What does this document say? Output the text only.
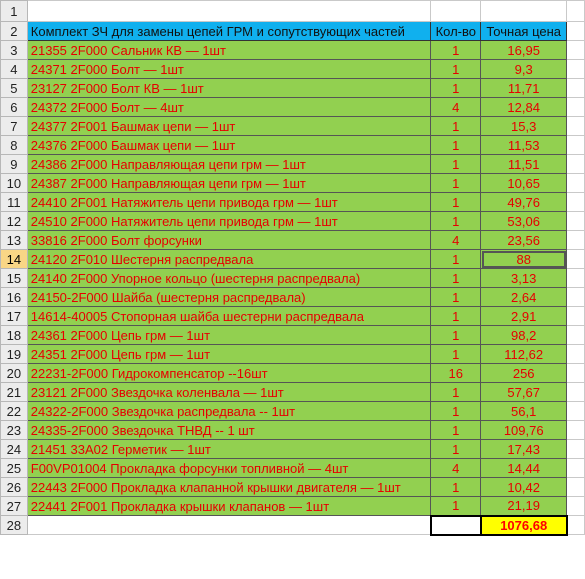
1				
2	Комплект ЗЧ для замены цепей ГРМ и сопутствующих частей	Кол-во	Точная цена	
3	21355 2F000 Сальник КВ — 1шт	1	16,95	
4	24371 2F000 Болт — 1шт	1	9,3	
5	23127 2F000 Болт КВ — 1шт	1	11,71	
6	24372 2F000 Болт — 4шт	4	12,84	
7	24377 2F001 Башмак цепи — 1шт	1	15,3	
8	24376 2F000 Башмак цепи — 1шт	1	11,53	
9	24386 2F000 Направляющая цепи грм — 1шт	1	11,51	
10	24387 2F000 Направляющая цепи грм — 1шт	1	10,65	
11	24410 2F001 Натяжитель цепи привода грм — 1шт	1	49,76	
12	24510 2F000 Натяжитель цепи привода грм — 1шт	1	53,06	
13	33816 2F000 Болт форсунки	4	23,56	
14	24120 2F010 Шестерня распредвала	1	88	
15	24140 2F000 Упорное кольцо (шестерня распредвала)	1	3,13	
16	24150-2F000 Шайба (шестерня распредвала)	1	2,64	
17	14614-40005 Стопорная шайба шестерни распредвала	1	2,91	
18	24361 2F000 Цепь грм — 1шт	1	98,2	
19	24351 2F000 Цепь грм — 1шт	1	112,62	
20	22231-2F000 Гидрокомпенсатор --16шт	16	256	
21	23121 2F000 Звездочка коленвала — 1шт	1	57,67	
22	24322-2F000 Звездочка распредвала -- 1шт	1	56,1	
23	24335-2F000 Звездочка ТНВД -- 1 шт	1	109,76	
24	21451 33A02 Герметик — 1шт	1	17,43	
25	F00VP01004 Прокладка форсунки топливной — 4шт	4	14,44	
26	22443 2F000 Прокладка клапанной крышки двигателя — 1шт	1	10,42	
27	22441 2F001 Прокладка крышки клапанов — 1шт	1	21,19	
28			1076,68	
